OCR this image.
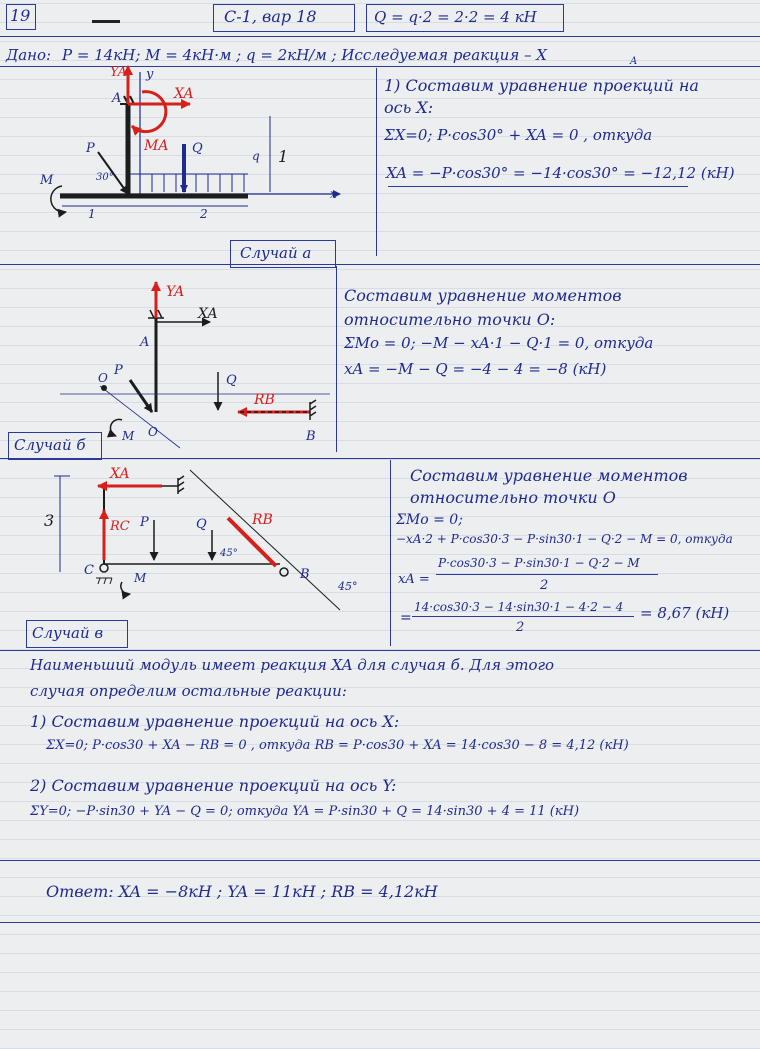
19	С-1, вар 18	Q = q·2 = 2·2 = 4 кН
Дано: P = 14кН; M = 4кН·м ; q = 2кН/м ; Исследуемая реакция – X	A
Случай а
1) Составим уравнение проекций на
ось X:
ΣX=0; P·cos30° + XA = 0 , откуда
XA = −P·cos30° = −14·cos30° = −12,12 (кН)
Случай б
Составим уравнение моментов
относительно точки O:
ΣMo = 0; −M − xA·1 − Q·1 = 0, откуда
xA = −M − Q = −4 − 4 = −8 (кН)
Случай в
Составим уравнение моментов
относительно точки O
ΣMo = 0;
−xA·2 + P·cos30·3 − P·sin30·1 − Q·2 − M = 0, откуда
xA =
P·cos30·3 − P·sin30·1 − Q·2 − M
2
=
14·cos30·3 − 14·sin30·1 − 4·2 − 4
2
= 8,67 (кН)
Наименьший модуль имеет реакция XA для случая б. Для этого
случая определим остальные реакции:
1) Составим уравнение проекций на ось X:
ΣX=0; P·cos30 + XA − RB = 0 , откуда RB = P·cos30 + XA = 14·cos30 − 8 = 4,12 (кН)
2) Составим уравнение проекций на ось Y:
ΣY=0; −P·sin30 + YA − Q = 0; откуда YA = P·sin30 + Q = 14·sin30 + 4 = 11 (кН)
Ответ: XA = −8кН ; YA = 11кН ; RB = 4,12кН
A
y
XA
YA
MA
P	Q
M
q
x
30°
1	2
1
YA
XA
A
P
Q
RB
B
O
O
M
3
XA
RC P	Q	RB
C	B
M
45°
45°
